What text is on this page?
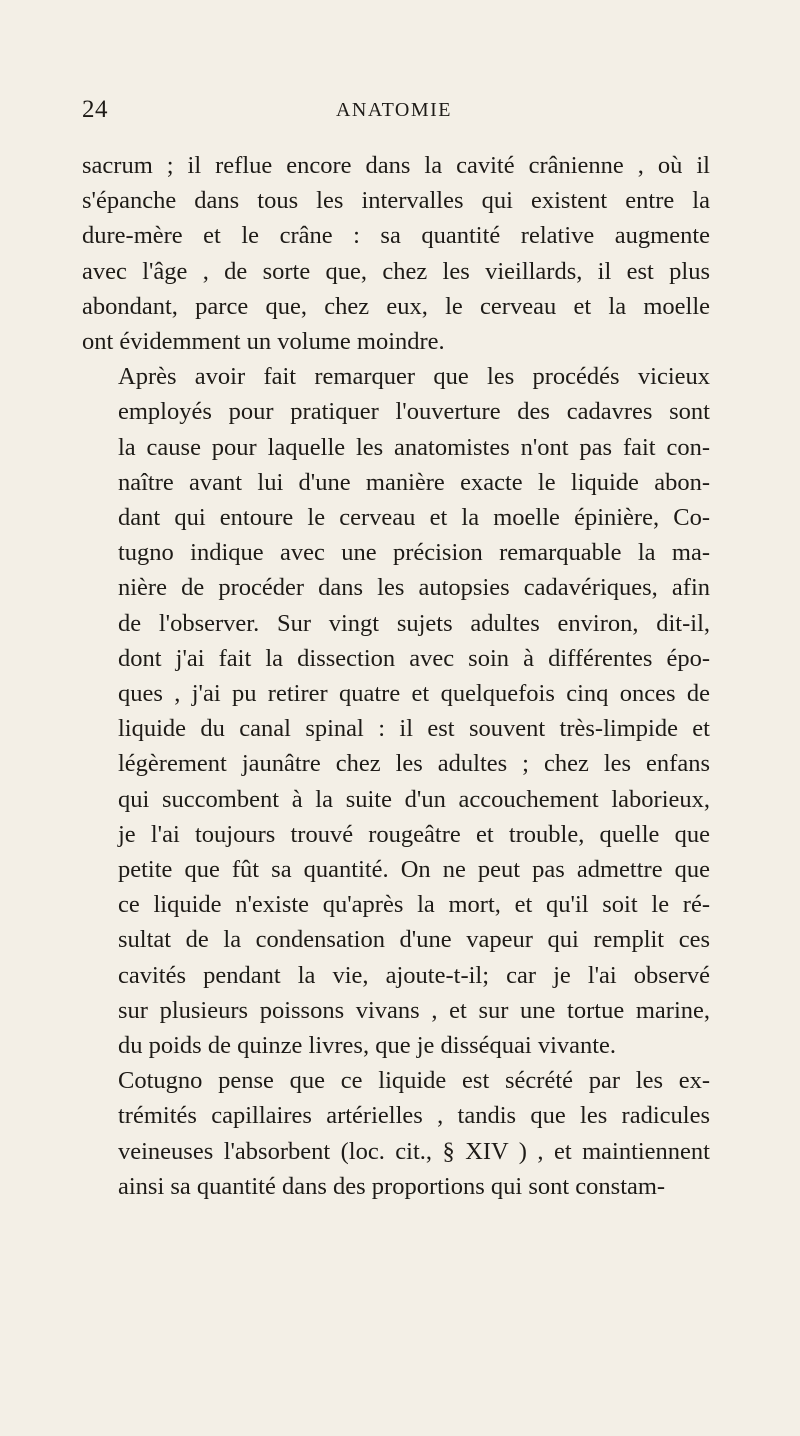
24	ANATOMIE

sacrum ; il reflue encore dans la cavité crânienne , où il
s'épanche dans tous les intervalles qui existent entre la
dure-mère et le crâne : sa quantité relative augmente
avec l'âge , de sorte que, chez les vieillards, il est plus
abondant, parce que, chez eux, le cerveau et la moelle
ont évidemment un volume moindre.

Après avoir fait remarquer que les procédés vicieux
employés pour pratiquer l'ouverture des cadavres sont
la cause pour laquelle les anatomistes n'ont pas fait con-
naître avant lui d'une manière exacte le liquide abon-
dant qui entoure le cerveau et la moelle épinière, Co-
tugno indique avec une précision remarquable la ma-
nière de procéder dans les autopsies cadavériques, afin
de l'observer. Sur vingt sujets adultes environ, dit-il,
dont j'ai fait la dissection avec soin à différentes épo-
ques , j'ai pu retirer quatre et quelquefois cinq onces de
liquide du canal spinal : il est souvent très-limpide et
légèrement jaunâtre chez les adultes ; chez les enfans
qui succombent à la suite d'un accouchement laborieux,
je l'ai toujours trouvé rougeâtre et trouble, quelle que
petite que fût sa quantité. On ne peut pas admettre que
ce liquide n'existe qu'après la mort, et qu'il soit le ré-
sultat de la condensation d'une vapeur qui remplit ces
cavités pendant la vie, ajoute-t-il; car je l'ai observé
sur plusieurs poissons vivans , et sur une tortue marine,
du poids de quinze livres, que je disséquai vivante.

Cotugno pense que ce liquide est sécrété par les ex-
trémités capillaires artérielles , tandis que les radicules
veineuses l'absorbent (loc. cit., § XIV ) , et maintiennent
ainsi sa quantité dans des proportions qui sont constam-
